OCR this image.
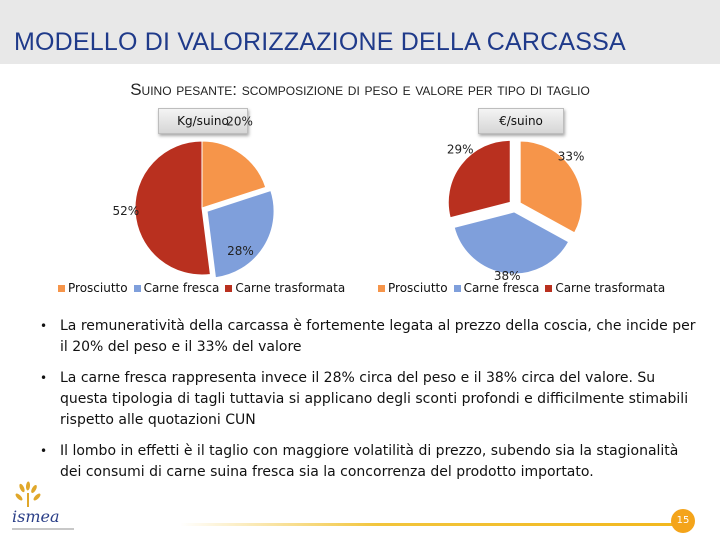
MODELLO DI VALORIZZAZIONE DELLA CARCASSA

Suino pesante: scomposizione di peso e valore per tipo di taglio

Kg/suino	€/suino
20%
28%
52%
33%
38%
29%
Prosciutto Carne fresca Carne trasformata	Prosciutto Carne fresca Carne trasformata
• La remuneratività della carcassa è fortemente legata al prezzo della coscia, che incide per il 20% del peso e il 33% del valore
• La carne fresca rappresenta invece il 28% circa del peso e il 38% circa del valore. Su questa tipologia di tagli tuttavia si applicano degli sconti profondi e difficilmente stimabili rispetto alle quotazioni CUN
• Il lombo in effetti è il taglio con maggiore volatilità di prezzo, subendo sia la stagionalità dei consumi di carne suina fresca sia la concorrenza del prodotto importato.
ismea	15
